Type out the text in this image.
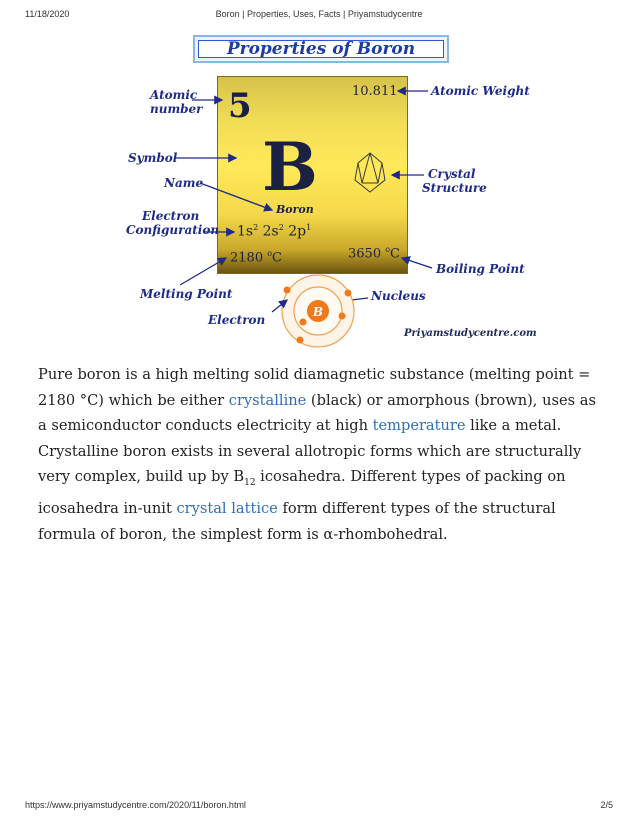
11/18/2020	Boron | Properties, Uses, Facts | Priyamstudycentre
Properties of Boron
5	10.811
B
Boron
$1s^2$ $2s^2$ $2p^1$
2180 $^o$C	3650 $^o$C
B
Atomic
number
Symbol
Name
Electron
Configuration
Atomic Weight
Crystal
Structure
Boiling Point
Melting Point	Nucleus
Electron
Priyamstudycentre.com
Pure boron is a high melting solid diamagnetic substance (melting point = 2180 °C) which be either crystalline (black) or amorphous (brown), uses as a semiconductor conducts electricity at high temperature like a metal. Crystalline boron exists in several allotropic forms which are structurally very complex, build up by $B_{12}$ icosahedra. Different types of packing on icosahedra in-unit crystal lattice form different types of the structural formula of boron, the simplest form is α-rhombohedral.
https://www.priyamstudycentre.com/2020/11/boron.html	2/5
